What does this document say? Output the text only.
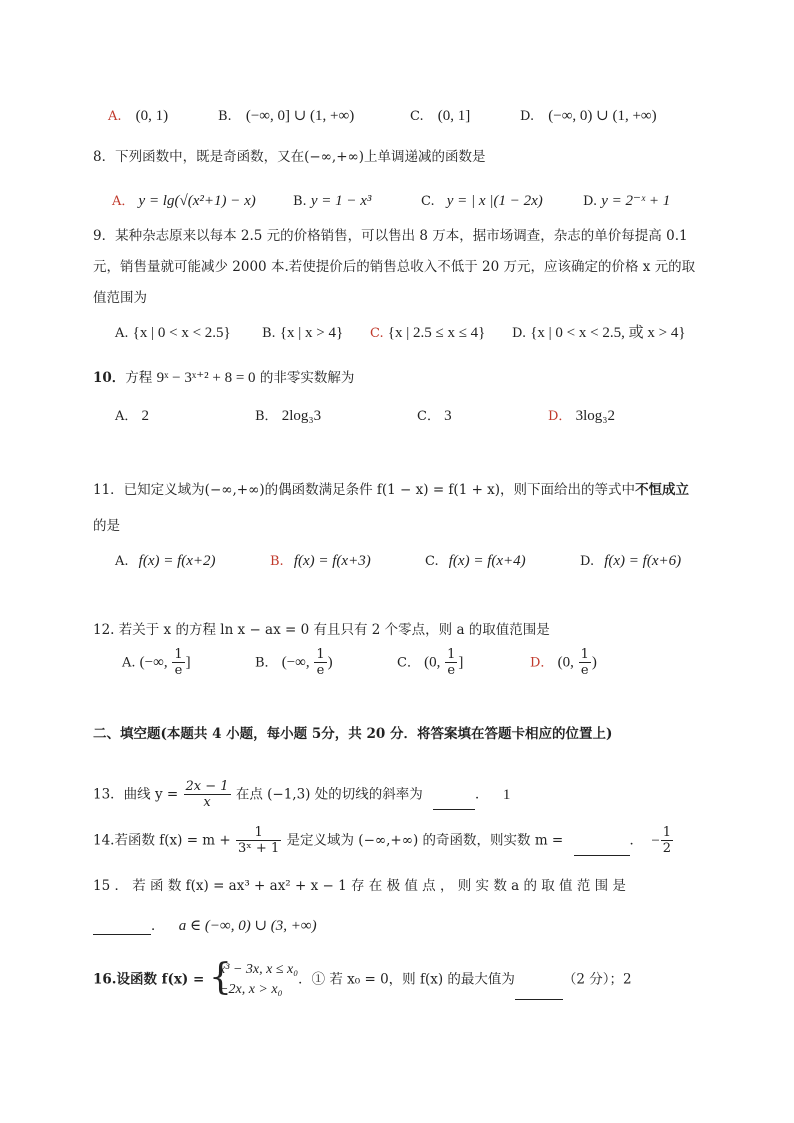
A. (0, 1)	B. (−∞, 0] ∪ (1, +∞)	C. (0, 1]	D. (−∞, 0) ∪ (1, +∞)
8．下列函数中，既是奇函数，又在(−∞,+∞)上单调递减的函数是
A． y = lg(√(x²+1) − x)	B. y = 1 − x³	C. y = | x |(1 − 2x)	D. y = 2⁻ˣ + 1
9．某种杂志原来以每本 2.5 元的价格销售，可以售出 8 万本，据市场调查，杂志的单价每提高 0.1
元，销售量就可能减少 2000 本.若使提价后的销售总收入不低于 20 万元，应该确定的价格 x 元的取
值范围为
A. {x | 0 < x < 2.5} B. {x | x > 4} C. {x | 2.5 ≤ x ≤ 4} D. {x | 0 < x < 2.5, 或 x > 4}
10．方程 9ˣ − 3ˣ⁺² + 8 = 0 的非零实数解为
A． 2	B． 2log₃3	C． 3	D． 3log₃2
11．已知定义域为(−∞,+∞)的偶函数满足条件 f(1 − x) = f(1 + x)，则下面给出的等式中不恒成立
的是
A. f(x) = f(x+2)	B. f(x) = f(x+3)	C. f(x) = f(x+4)	D. f(x) = f(x+6)
12. 若关于 x 的方程 ln x − ax = 0 有且只有 2 个零点，则 a 的取值范围是
A. (−∞, $\frac{1}{e}$ ]	B． (−∞, $\frac{1}{e}$ )	C． (0, $\frac{1}{e}$ ]	D． (0, $\frac{1}{e}$ )
二、填空题(本题共 4 小题，每小题 5分，共 20 分．将答案填在答题卡相应的位置上)
13．曲线 $y = \frac{2x - 1}{x}$ 在点 (−1,3) 处的切线的斜率为	． 1
14.若函数 $f(x) = m + \frac{1}{\text{3ˣ + 1}}$ 是定义域为 (−∞,+∞) 的奇函数，则实数 m =	． − $\frac{1}{2}$
15 ． 若 函 数 f(x) = ax³ + ax² + x − 1 存 在 极 值 点 ， 则 实 数 a 的 取 值 范 围 是
． a ∈ (−∞, 0) ∪ (3, +∞)
16.设函数 f(x) = {
x³ − 3x, x ≤ x₀
−2x, x > x₀
．① 若 x₀ = 0，则 f(x) 的最大值为	（2 分）；2
